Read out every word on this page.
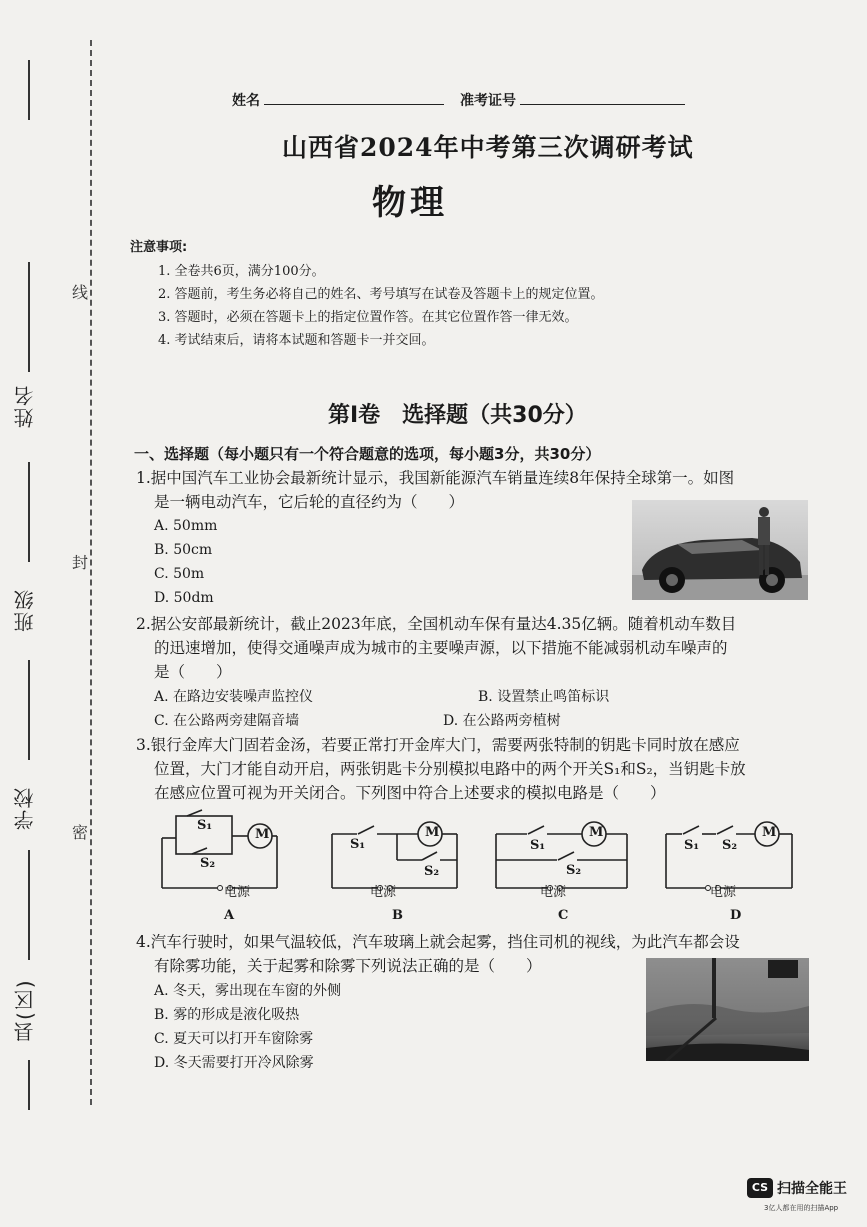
姓名
班级
学校
县(区)
线
封
密
姓名	准考证号
山西省2024年中考第三次调研考试
物理
注意事项:
1. 全卷共6页，满分100分。
2. 答题前，考生务必将自己的姓名、考号填写在试卷及答题卡上的规定位置。
3. 答题时，必须在答题卡上的指定位置作答。在其它位置作答一律无效。
4. 考试结束后，请将本试题和答题卡一并交回。
第I卷　选择题（共30分）
一、选择题（每小题只有一个符合题意的选项，每小题3分，共30分）
1.据中国汽车工业协会最新统计显示，我国新能源汽车销量连续8年保持全球第一。如图
是一辆电动汽车，它后轮的直径约为（　　）
A. 50mm
B. 50cm
C. 50m
D. 50dm
2.据公安部最新统计，截止2023年底，全国机动车保有量达4.35亿辆。随着机动车数目
的迅速增加，使得交通噪声成为城市的主要噪声源，以下措施不能减弱机动车噪声的
是（　　）
A. 在路边安装噪声监控仪	B. 设置禁止鸣笛标识
C. 在公路两旁建隔音墙	D. 在公路两旁植树
3.银行金库大门固若金汤，若要正常打开金库大门，需要两张特制的钥匙卡同时放在感应
位置，大门才能自动开启，两张钥匙卡分别模拟电路中的两个开关S₁和S₂，当钥匙卡放
在感应位置可视为开关闭合。下列图中符合上述要求的模拟电路是（　　）
M
S₁
S₂
电源
A
M
S₁
S₂
电源
B
M
S₁
S₂
电源
C
M
S₁ S₂
电源
D
4.汽车行驶时，如果气温较低，汽车玻璃上就会起雾，挡住司机的视线，为此汽车都会设
有除雾功能，关于起雾和除雾下列说法正确的是（　　）
A. 冬天，雾出现在车窗的外侧
B. 雾的形成是液化吸热
C. 夏天可以打开车窗除雾
D. 冬天需要打开冷风除雾
CS 扫描全能王
3亿人都在用的扫描App
